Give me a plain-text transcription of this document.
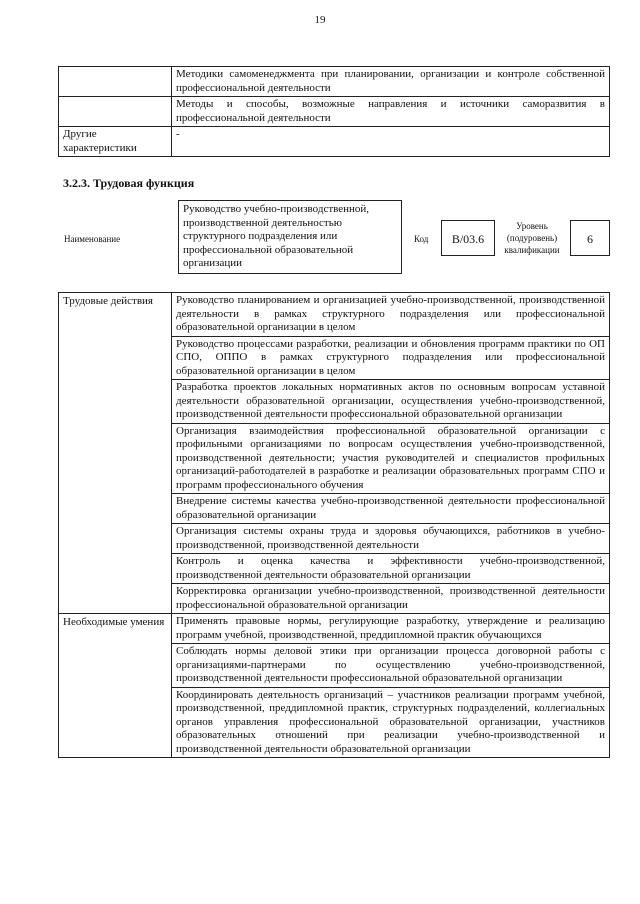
19
	Методики самоменеджмента при планировании, организации и контроле собственной профессиональной деятельности
	Методы и способы, возможные направления и источники саморазвития в профессиональной деятельности
Другие характеристики	-
3.2.3. Трудовая функция
Наименование
Руководство учебно-производственной, производственной деятельностью структурного подразделения или профессиональной образовательной организации
Код	В/03.6
Уровень (подуровень) квалификации
6
Трудовые действия	Руководство планированием и организацией учебно-производственной, производственной деятельности в рамках структурного подразделения или профессиональной образовательной организации в целом
	Руководство процессами разработки, реализации и обновления программ практики по ОП СПО, ОППО в рамках структурного подразделения или профессиональной образовательной организации в целом
	Разработка проектов локальных нормативных актов по основным вопросам уставной деятельности образовательной организации, осуществления учебно-производственной, производственной деятельности профессиональной образовательной организации
	Организация взаимодействия профессиональной образовательной организации с профильными организациями по вопросам осуществления учебно-производственной, производственной деятельности; участия руководителей и специалистов профильных организаций-работодателей в разработке и реализации образовательных программ СПО и программ профессионального обучения
	Внедрение системы качества учебно-производственной деятельности профессиональной образовательной организации
	Организация системы охраны труда и здоровья обучающихся, работников в учебно-производственной, производственной деятельности
	Контроль и оценка качества и эффективности учебно-производственной, производственной деятельности образовательной организации
	Корректировка организации учебно-производственной, производственной деятельности профессиональной образовательной организации
Необходимые умения	Применять правовые нормы, регулирующие разработку, утверждение и реализацию программ учебной, производственной, преддипломной практик обучающихся
	Соблюдать нормы деловой этики при организации процесса договорной работы с организациями-партнерами по осуществлению учебно-производственной, производственной деятельности профессиональной образовательной организации
	Координировать деятельность организаций – участников реализации программ учебной, производственной, преддипломной практик, структурных подразделений, коллегиальных органов управления профессиональной образовательной организации, участников образовательных отношений при реализации учебно-производственной и производственной деятельности образовательной организации
